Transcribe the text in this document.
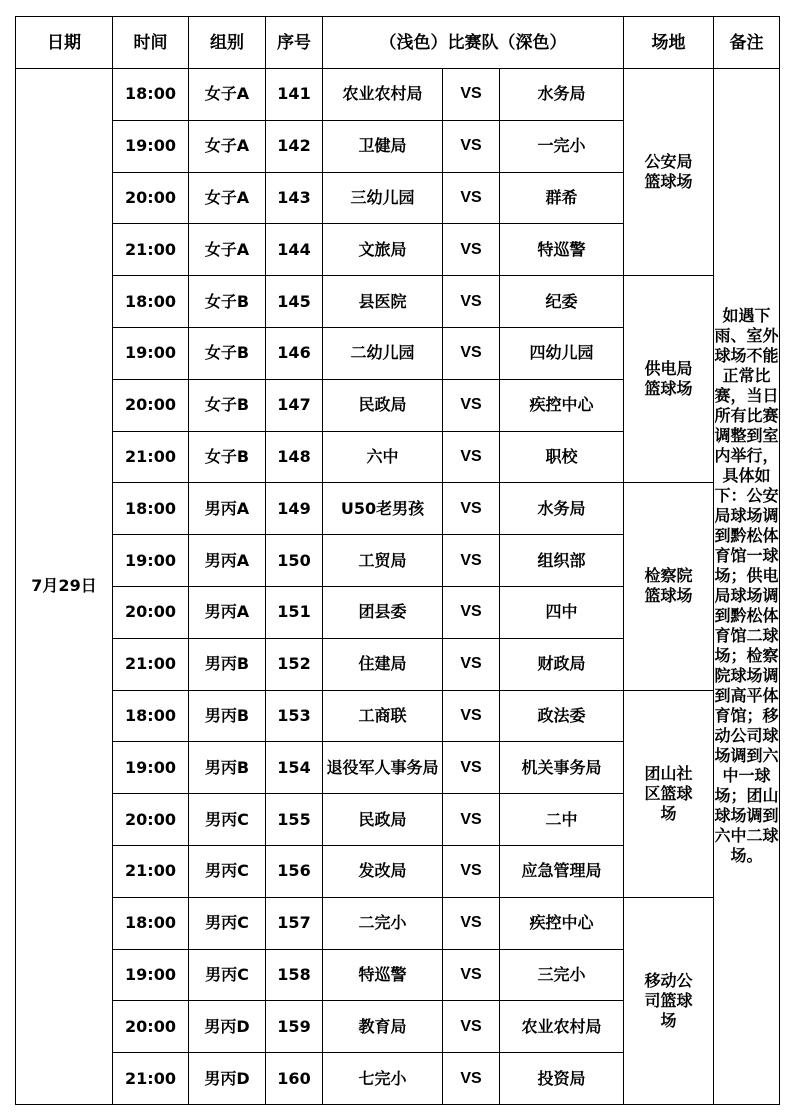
日期	时间	组别	序号	（浅色）比赛队（深色）			场地	备注
7月29日	18:00	女子A	141	农业农村局	VS	水务局	公安局篮球场	如遇下雨、室外球场不能正常比赛，当日所有比赛调整到室内举行，具体如下：公安局球场调到黔松体育馆一球场；供电局球场调到黔松体育馆二球场；检察院球场调到高平体育馆；移动公司球场调到六中一球场；团山球场调到六中二球场。

	19:00	女子A	142	卫健局	VS	一完小		
	20:00	女子A	143	三幼儿园	VS	群希		
	21:00	女子A	144	文旅局	VS	特巡警		
	18:00	女子B	145	县医院	VS	纪委	供电局篮球场	
	19:00	女子B	146	二幼儿园	VS	四幼儿园		
	20:00	女子B	147	民政局	VS	疾控中心		
	21:00	女子B	148	六中	VS	职校		
	18:00	男丙A	149	U50老男孩	VS	水务局	检察院篮球场	
	19:00	男丙A	150	工贸局	VS	组织部		
	20:00	男丙A	151	团县委	VS	四中		
	21:00	男丙B	152	住建局	VS	财政局		
	18:00	男丙B	153	工商联	VS	政法委	团山社区篮球场	
	19:00	男丙B	154	退役军人事务局	VS	机关事务局		
	20:00	男丙C	155	民政局	VS	二中		
	21:00	男丙C	156	发改局	VS	应急管理局		
	18:00	男丙C	157	二完小	VS	疾控中心	移动公司篮球场	
	19:00	男丙C	158	特巡警	VS	三完小		
	20:00	男丙D	159	教育局	VS	农业农村局		
	21:00	男丙D	160	七完小	VS	投资局		
